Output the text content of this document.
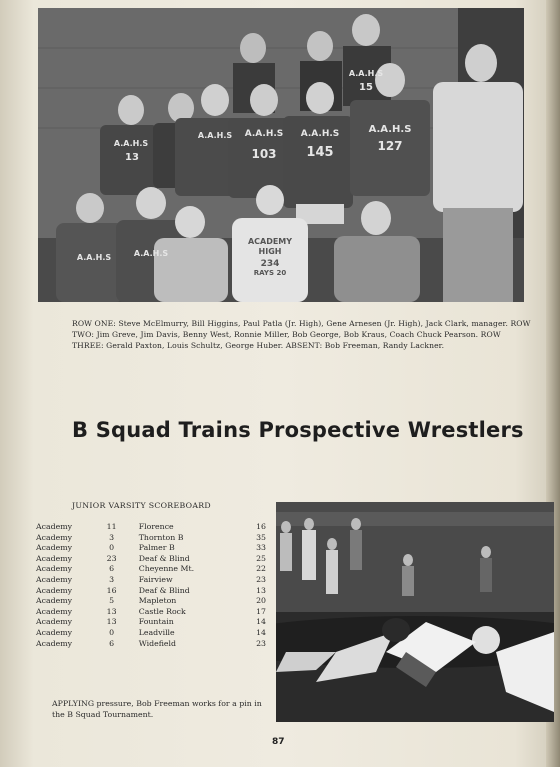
A.A.H.S
13
A.A.H.S
103
A.A.H.S
145
A.A.H.S
127
15
A.A.H.S
A.A.H.S
A.A.H.S	A.A.H.S
ACADEMY
HIGH
234
RAYS 20
ROW ONE: Steve McElmurry, Bill Higgins, Paul Patla (Jr. High), Gene Arnesen (Jr. High), Jack Clark, manager. ROW TWO: Jim Greve, Jim Davis, Benny West, Ronnie Miller, Bob George, Bob Kraus, Coach Chuck Pearson. ROW THREE: Gerald Paxton, Louis Schultz, George Huber. ABSENT: Bob Freeman, Randy Lackner.
B Squad Trains Prospective Wrestlers
JUNIOR VARSITY SCOREBOARD
Academy	11	Florence	16
Academy	3	Thornton B	35
Academy	0	Palmer B	33
Academy	23	Deaf & Blind	25
Academy	6	Cheyenne Mt.	22
Academy	3	Fairview	23
Academy	16	Deaf & Blind	13
Academy	5	Mapleton	20
Academy	13	Castle Rock	17
Academy	13	Fountain	14
Academy	0	Leadville	14
Academy	6	Widefield	23
APPLYING pressure, Bob Freeman works for a pin in the B Squad Tournament.
87
